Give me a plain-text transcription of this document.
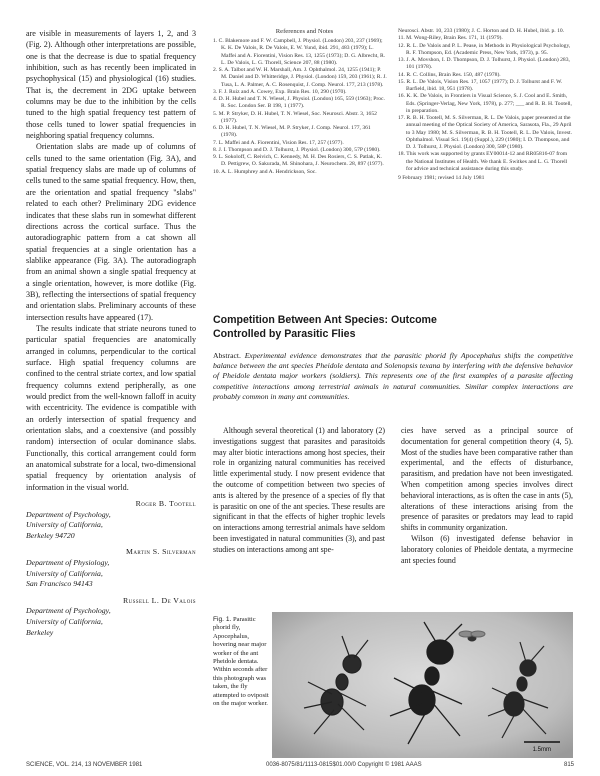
are visible in measurements of layers 1, 2, and 3 (Fig. 2). Although other interpretations are possible, one is that the decrease is due to spatial frequency inhibition, such as has recently been implicated in psychophysical (15) and physiological (16) studies. That is, the decrement in 2DG uptake between columns may be due to the inhibition by the cells tuned to the high spatial frequency test pattern of those cells tuned to lower spatial frequencies in neighboring spatial frequency columns.

Orientation slabs are made up of columns of cells tuned to the same orientation (Fig. 3A), and spatial frequency slabs are made up of columns of cells tuned to the same spatial frequency. How, then, are the orientation and spatial frequency "slabs" related to each other? Preliminary 2DG evidence indicates that these slabs run in somewhat different directions across the cortical surface. Thus the autoradiographic pattern from a cat shown all spatial frequencies at a single orientation has a slablike appearance (Fig. 3A). The autoradiograph from an animal shown a single spatial frequency at a single orientation, however, is more dotlike (Fig. 3B), reflecting the intersections of spatial frequency and orientation slabs. Preliminary accounts of these intersection results have appeared (17).

The results indicate that striate neurons tuned to particular spatial frequencies are anatomically arranged in columns, perpendicular to the cortical surface. High spatial frequency columns are confined to the central striate cortex, and low spatial frequency columns extend peripherally, as one would predict from the well-known falloff in acuity with eccentricity. The evidence is compatible with an orderly intersection of spatial frequency and orientation slabs, and a coextensive (and possibly random) intersection of ocular dominance slabs. Functionally, this cortical arrangement could form an anatomical substrate for a local, two-dimensional spatial frequency by orientation analysis of information in the visual world.

Roger B. Tootell
Department of Psychology,
University of California,
Berkeley 94720
Martin S. Silverman
Department of Physiology,
University of California,
San Francisco 94143
Russell L. De Valois
Department of Psychology,
University of California,
Berkeley
References and Notes
1. C. Blakemore and F. W. Campbell, J. Physiol. (London) 203, 237 (1969); K. K. De Valois, R. De Valois, E. W. Yund, ibid. 291, 483 (1979); L. Maffei and A. Fiorentini, Vision Res. 13, 1255 (1973); D. G. Albrecht, R. L. De Valois, L. G. Thorell, Science 207, 88 (1980).
2. S. A. Talbot and W. H. Marshall, Am. J. Ophthalmol. 24, 1255 (1941); P. M. Daniel and D. Whitteridge, J. Physiol. (London) 159, 203 (1961); R. J. Tusa, L. A. Palmer, A. C. Rosenquist, J. Comp. Neurol. 177, 213 (1978).
3. F. J. Ruiz and A. Cowey, Exp. Brain Res. 10, 290 (1970).
4. D. H. Hubel and T. N. Wiesel, J. Physiol. (London) 165, 559 (1963); Proc. R. Soc. London Ser. B 198, 1 (1977).
5. M. P. Stryker, D. H. Hubel, T. N. Wiesel, Soc. Neurosci. Abstr. 3, 1652 (1977).
6. D. H. Hubel, T. N. Wiesel, M. P. Stryker, J. Comp. Neurol. 177, 361 (1978).
7. L. Maffei and A. Fiorentini, Vision Res. 17, 257 (1977).
8. J. I. Thompson and D. J. Tolhurst, J. Physiol. (London) 300, 57P (1980).
9. L. Sokoloff, C. Reivich, C. Kennedy, M. H. Des Rosiers, C. S. Patlak, K. D. Pettigrew, O. Sakurada, M. Shinohara, J. Neurochem. 28, 897 (1977).
10. A. L. Humphrey and A. Hendrickson, Soc.
Neurosci. Abstr. 10, 233 (1980); J. C. Horton and D. H. Hubel, ibid. p. 10.
11. M. Wong-Riley, Brain Res. 171, 11 (1979).
12. R. L. De Valois and P. L. Pease, in Methods in Physiological Psychology, R. F. Thompson, Ed. (Academic Press, New York, 1973), p. 95.
13. J. A. Movshon, I. D. Thompson, D. J. Tolhurst, J. Physiol. (London) 283, 101 (1978).
14. R. C. Collins, Brain Res. 150, 487 (1978).
15. R. L. De Valois, Vision Res. 17, 1057 (1977); D. J. Tolhurst and F. W. Barfield, ibid. 18, 951 (1978).
16. K. K. De Valois, in Frontiers in Visual Science, S. J. Cool and E. Smith, Eds. (Springer-Verlag, New York, 1978), p. 277; ___ and R. B. H. Tootell, in preparation.
17. R. B. H. Tootell, M. S. Silverman, R. L. De Valois, paper presented at the annual meeting of the Optical Society of America, Sarasota, Fla., 29 April to 3 May 1980; M. S. Silverman, R. B. H. Tootell, R. L. De Valois, Invest. Ophthalmol. Visual Sci. 19(4) (Suppl.), 229 (1980); I. D. Thompson, and D. J. Tolhurst, J. Physiol. (London) 300, 58P (1980).
18. This work was supported by grants EY00014-12 and RR05816-07 from the National Institutes of Health. We thank E. Switkes and L. G. Thorell for advice and technical assistance during this study.
9 February 1981; revised 14 July 1981
Competition Between Ant Species: Outcome
Controlled by Parasitic Flies
Abstract. Experimental evidence demonstrates that the parasitic phorid fly Apocephalus shifts the competitive balance between the ant species Pheidole dentata and Solenopsis texana by interfering with the defensive behavior of Pheidole dentata major workers (soldiers). This represents one of the first examples of a parasite affecting competitive interactions among terrestrial animals in natural communities. Similar complex interactions are probably common in many ant communities.

Although several theoretical (1) and laboratory (2) investigations suggest that parasites and parasitoids may alter biotic interactions among host species, their role in organizing natural communities has received little experimental study. I now present evidence that the outcome of competition between two species of ants is altered by the presence of a species of fly that is parasitic on one of the ant species. These results are significant in that the effects of higher trophic levels on interactions among terrestrial animals have seldom been investigated in natural communities (3), and past studies on interactions among ant spe-

cies have served as a principal source of documentation for general competition theory (4, 5). Most of the studies have been comparative rather than experimental, and the effects of disturbance, parasitism, and predation have not been investigated. When competition among species involves direct behavioral interactions, as is often the case in ants (5), alterations of these interactions arising from the presence of parasites or predators may lead to rapid shifts in community organization.

Wilson (6) investigated defense behavior in laboratory colonies of Pheidole dentata, a myrmecine ant species found

Fig. 1. Parasitic phorid fly, Apocephalus, hovering near major worker of the ant Pheidole dentata. Within seconds after this photograph was taken, the fly attempted to oviposit on the major worker.
1.5mm
SCIENCE, VOL. 214, 13 NOVEMBER 1981	0036-8075/81/1113-0815$01.00/0 Copyright © 1981 AAAS	815
